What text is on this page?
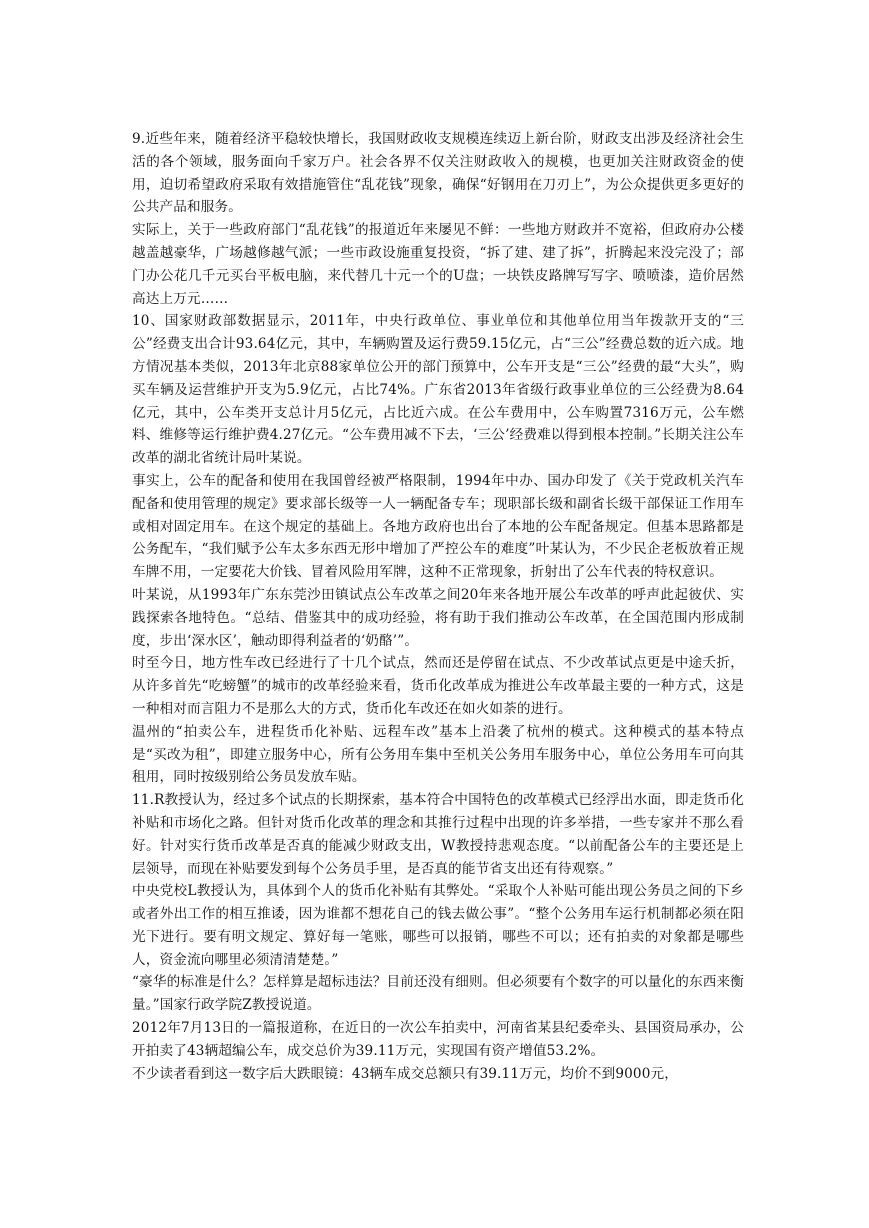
9.近些年来，随着经济平稳较快增长，我国财政收支规模连续迈上新台阶，财政支出涉及经济社会生活的各个领域，服务面向千家万户。社会各界不仅关注财政收入的规模，也更加关注财政资金的使用，迫切希望政府采取有效措施管住“乱花钱”现象，确保“好钢用在刀刃上”，为公众提供更多更好的公共产品和服务。

实际上，关于一些政府部门“乱花钱”的报道近年来屡见不鲜：一些地方财政并不宽裕，但政府办公楼越盖越豪华，广场越修越气派；一些市政设施重复投资，“拆了建、建了拆”，折腾起来没完没了；部门办公花几千元买台平板电脑，来代替几十元一个的U盘；一块铁皮路牌写写字、喷喷漆，造价居然高达上万元……

10、国家财政部数据显示，2011年，中央行政单位、事业单位和其他单位用当年拨款开支的“三公”经费支出合计93.64亿元，其中，车辆购置及运行费59.15亿元，占“三公”经费总数的近六成。地方情况基本类似，2013年北京88家单位公开的部门预算中，公车开支是“三公”经费的最“大头”，购买车辆及运营维护开支为5.9亿元，占比74%。广东省2013年省级行政事业单位的三公经费为8.64亿元，其中，公车类开支总计月5亿元，占比近六成。在公车费用中，公车购置7316万元，公车燃料、维修等运行维护费4.27亿元。“公车费用减不下去，‘三公’经费难以得到根本控制。”长期关注公车改革的湖北省统计局叶某说。

事实上，公车的配备和使用在我国曾经被严格限制，1994年中办、国办印发了《关于党政机关汽车配备和使用管理的规定》要求部长级等一人一辆配备专车；现职部长级和副省长级干部保证工作用车或相对固定用车。在这个规定的基础上。各地方政府也出台了本地的公车配备规定。但基本思路都是公务配车，“我们赋予公车太多东西无形中增加了严控公车的难度”叶某认为，不少民企老板放着正规车牌不用，一定要花大价钱、冒着风险用军牌，这种不正常现象，折射出了公车代表的特权意识。

叶某说，从1993年广东东莞沙田镇试点公车改革之间20年来各地开展公车改革的呼声此起彼伏、实践探索各地特色。“总结、借鉴其中的成功经验，将有助于我们推动公车改革，在全国范围内形成制度，步出‘深水区’，触动即得利益者的‘奶酪’”。

时至今日，地方性车改已经进行了十几个试点，然而还是停留在试点、不少改革试点更是中途夭折，从许多首先“吃螃蟹”的城市的改革经验来看，货币化改革成为推进公车改革最主要的一种方式，这是一种相对而言阻力不是那么大的方式，货币化车改还在如火如荼的进行。

温州的“拍卖公车，进程货币化补贴、远程车改”基本上沿袭了杭州的模式。这种模式的基本特点是“买改为租”，即建立服务中心，所有公务用车集中至机关公务用车服务中心，单位公务用车可向其租用，同时按级别给公务员发放车贴。

11.R教授认为，经过多个试点的长期探索，基本符合中国特色的改革模式已经浮出水面，即走货币化补贴和市场化之路。但针对货币化改革的理念和其推行过程中出现的许多举措，一些专家并不那么看好。针对实行货币改革是否真的能减少财政支出，W教授持悲观态度。“以前配备公车的主要还是上层领导，而现在补贴要发到每个公务员手里，是否真的能节省支出还有待观察。”

中央党校L教授认为，具体到个人的货币化补贴有其弊处。“采取个人补贴可能出现公务员之间的下乡或者外出工作的相互推诿，因为谁都不想花自己的钱去做公事”。“整个公务用车运行机制都必须在阳光下进行。要有明文规定、算好每一笔账，哪些可以报销，哪些不可以；还有拍卖的对象都是哪些人，资金流向哪里必须清清楚楚。”

“豪华的标准是什么？怎样算是超标违法？目前还没有细则。但必须要有个数字的可以量化的东西来衡量。”国家行政学院Z教授说道。

2012年7月13日的一篇报道称，在近日的一次公车拍卖中，河南省某县纪委牵头、县国资局承办，公开拍卖了43辆超编公车，成交总价为39.11万元，实现国有资产增值53.2%。

不少读者看到这一数字后大跌眼镜：43辆车成交总额只有39.11万元，均价不到9000元，
